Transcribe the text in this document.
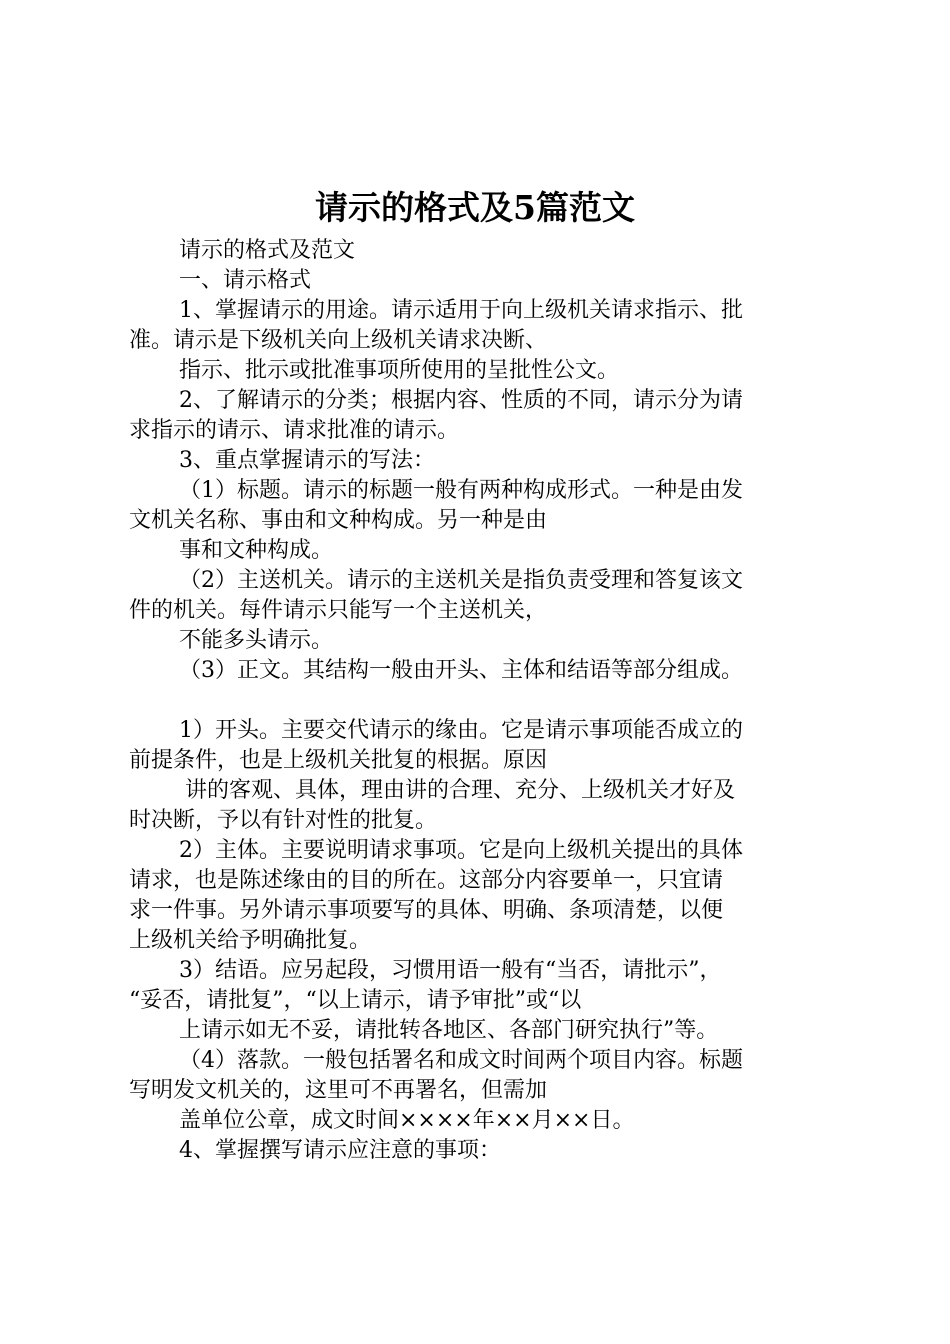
请示的格式及5篇范文
请示的格式及范文
一、请示格式
1、掌握请示的用途。请示适用于向上级机关请求指示、批
准。请示是下级机关向上级机关请求决断、
指示、批示或批准事项所使用的呈批性公文。
2、了解请示的分类；根据内容、性质的不同，请示分为请
求指示的请示、请求批准的请示。
3、重点掌握请示的写法：
（1）标题。请示的标题一般有两种构成形式。一种是由发
文机关名称、事由和文种构成。另一种是由
事和文种构成。
（2）主送机关。请示的主送机关是指负责受理和答复该文
件的机关。每件请示只能写一个主送机关，
不能多头请示。
（3）正文。其结构一般由开头、主体和结语等部分组成。
1）开头。主要交代请示的缘由。它是请示事项能否成立的
前提条件，也是上级机关批复的根据。原因
讲的客观、具体，理由讲的合理、充分、上级机关才好及
时决断，予以有针对性的批复。
2）主体。主要说明请求事项。它是向上级机关提出的具体
请求，也是陈述缘由的目的所在。这部分内容要单一，只宜请
求一件事。另外请示事项要写的具体、明确、条项清楚，以便
上级机关给予明确批复。
3）结语。应另起段，习惯用语一般有“当否，请批示”，
“妥否，请批复”，“以上请示，请予审批”或“以
上请示如无不妥，请批转各地区、各部门研究执行”等。
（4）落款。一般包括署名和成文时间两个项目内容。标题
写明发文机关的，这里可不再署名，但需加
盖单位公章，成文时间××××年××月××日。
4、掌握撰写请示应注意的事项：
